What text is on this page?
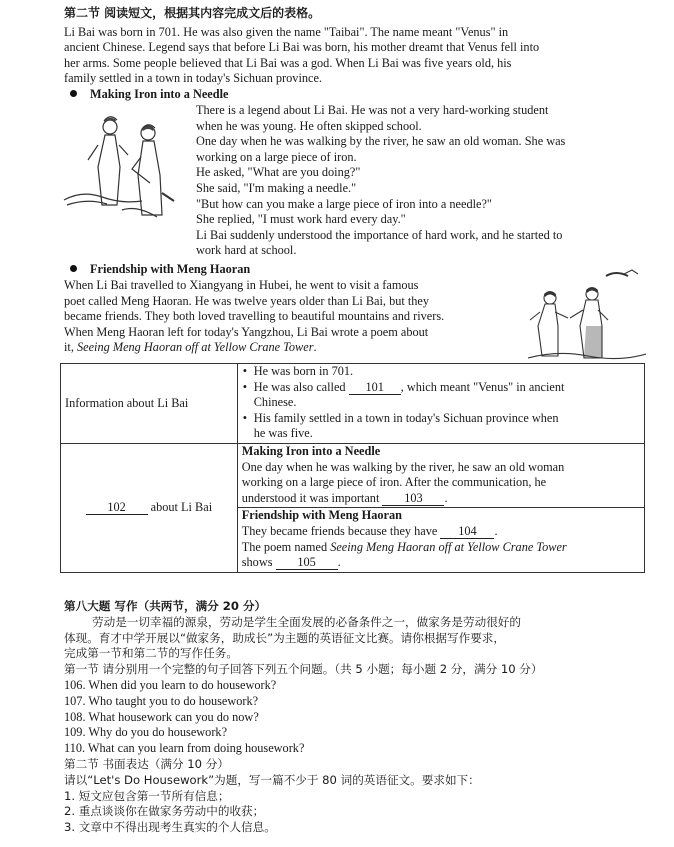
第二节 阅读短文，根据其内容完成文后的表格。

Li Bai was born in 701. He was also given the name "Taibai". The name meant "Venus" in

ancient Chinese. Legend says that before Li Bai was born, his mother dreamt that Venus fell into

her arms. Some people believed that Li Bai was a god. When Li Bai was five years old, his

family settled in a town in today's Sichuan province.

Making Iron into a Needle

There is a legend about Li Bai. He was not a very hard-working student

when he was young. He often skipped school.

One day when he was walking by the river, he saw an old woman. She was

working on a large piece of iron.

He asked, "What are you doing?"

She said, "I'm making a needle."

"But how can you make a large piece of iron into a needle?"

She replied, "I must work hard every day."

Li Bai suddenly understood the importance of hard work, and he started to

work hard at school.

Friendship with Meng Haoran

When Li Bai travelled to Xiangyang in Hubei, he went to visit a famous

poet called Meng Haoran. He was twelve years older than Li Bai, but they

became friends. They both loved travelling to beautiful mountains and rivers.

When Meng Haoran left for today's Yangzhou, Li Bai wrote a poem about

it, Seeing Meng Haoran off at Yellow Crane Tower.

Information about Li Bai	• He was born in 701.
• He was also called 101 , which meant "Venus" in ancient
Chinese.
• His family settled in a town in today's Sichuan province when
he was five.

102 about Li Bai	Making Iron into a Needle
One day when he was walking by the river, he saw an old woman
working on a large piece of iron. After the communication, he
understood it was important 103 .

	Friendship with Meng Haoran
They became friends because they have 104 .
The poem named Seeing Meng Haoran off at Yellow Crane Tower
shows 105 .

第八大题 写作（共两节，满分 20 分）

劳动是一切幸福的源泉，劳动是学生全面发展的必备条件之一，做家务是劳动很好的

体现。育才中学开展以“做家务，助成长”为主题的英语征文比赛。请你根据写作要求，

完成第一节和第二节的写作任务。

第一节 请分别用一个完整的句子回答下列五个问题。（共 5 小题；每小题 2 分，满分 10 分）

106. When did you learn to do housework?

107. Who taught you to do housework?

108. What housework can you do now?

109. Why do you do housework?

110. What can you learn from doing housework?

第二节 书面表达（满分 10 分）

请以“Let's Do Housework”为题，写一篇不少于 80 词的英语征文。要求如下：

1. 短文应包含第一节所有信息；

2. 重点谈谈你在做家务劳动中的收获；

3. 文章中不得出现考生真实的个人信息。
